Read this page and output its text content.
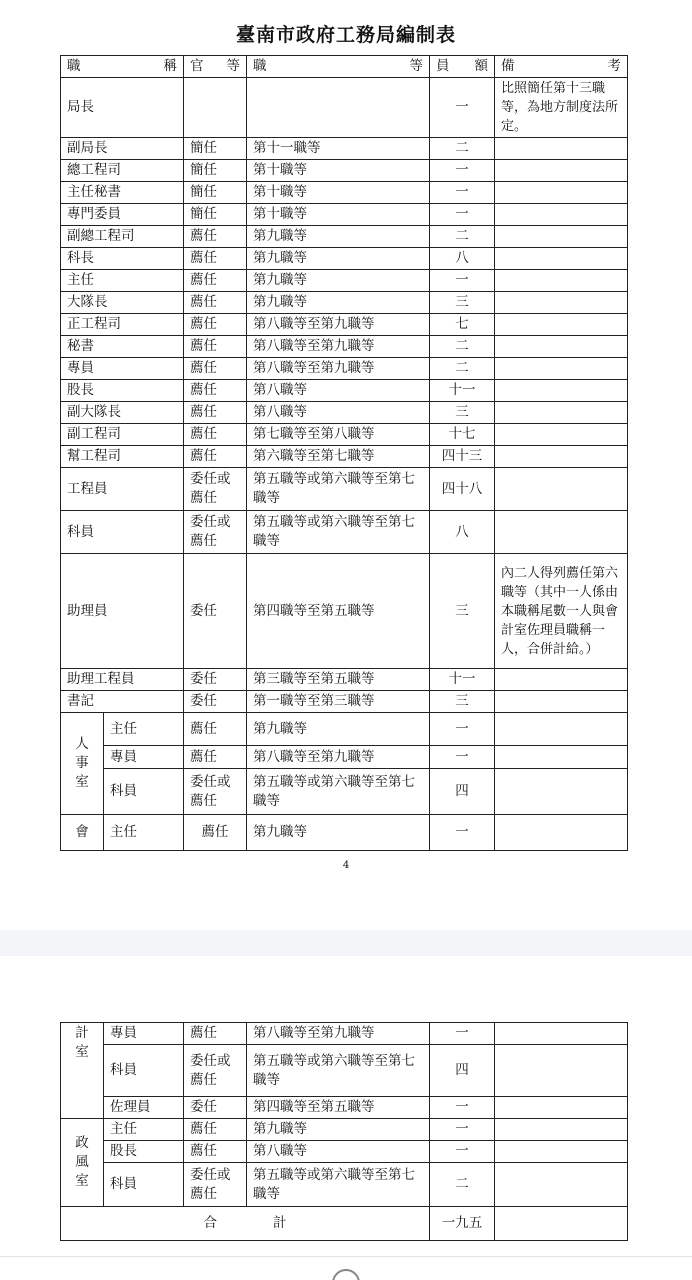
臺南市政府工務局編制表
職稱		官等	職等	員額	備考
局長				一	比照簡任第十三職等，為地方制度法所定。
副局長		簡任	第十一職等	二	
總工程司		簡任	第十職等	一	
主任秘書		簡任	第十職等	一	
專門委員		簡任	第十職等	一	
副總工程司		薦任	第九職等	二	
科長		薦任	第九職等	八	
主任		薦任	第九職等	一	
大隊長		薦任	第九職等	三	
正工程司		薦任	第八職等至第九職等	七	
秘書		薦任	第八職等至第九職等	二	
專員		薦任	第八職等至第九職等	二	
股長		薦任	第八職等	十一	
副大隊長		薦任	第八職等	三	
副工程司		薦任	第七職等至第八職等	十七	
幫工程司		薦任	第六職等至第七職等	四十三	
工程員		委任或薦任	第五職等或第六職等至第七職等	四十八	
科員		委任或薦任	第五職等或第六職等至第七職等	八	
助理員		委任	第四職等至第五職等	三	內二人得列薦任第六職等（其中一人係由本職稱尾數一人與會計室佐理員職稱一人，合併計給。）
助理工程員		委任	第三職等至第五職等	十一	
書記		委任	第一職等至第三職等	三	

人
事
室	主任	薦任	第九職等	一	
	專員	薦任	第八職等至第九職等	一	
	科員	委任或薦任	第五職等或第六職等至第七職等	四	
會	主任	薦任	第九職等	一	
4
計
室	專員	薦任	第八職等至第九職等	一	
	科員	委任或薦任	第五職等或第六職等至第七職等	四	
	佐理員	委任	第四職等至第五職等	一	

政
風
室	主任	薦任	第九職等	一	
	股長	薦任	第八職等	一	
	科員	委任或薦任	第五職等或第六職等至第七職等	二	
合 計				一九五	
